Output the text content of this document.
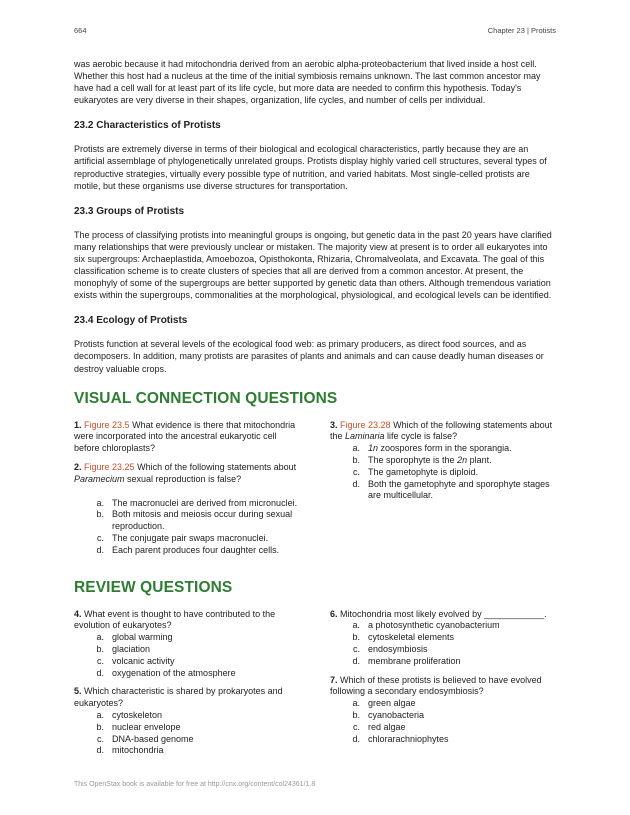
664	Chapter 23 | Protists

was aerobic because it had mitochondria derived from an aerobic alpha-proteobacterium that lived inside a host cell. Whether this host had a nucleus at the time of the initial symbiosis remains unknown. The last common ancestor may have had a cell wall for at least part of its life cycle, but more data are needed to confirm this hypothesis. Today's eukaryotes are very diverse in their shapes, organization, life cycles, and number of cells per individual.

23.2 Characteristics of Protists

Protists are extremely diverse in terms of their biological and ecological characteristics, partly because they are an artificial assemblage of phylogenetically unrelated groups. Protists display highly varied cell structures, several types of reproductive strategies, virtually every possible type of nutrition, and varied habitats. Most single-celled protists are motile, but these organisms use diverse structures for transportation.

23.3 Groups of Protists

The process of classifying protists into meaningful groups is ongoing, but genetic data in the past 20 years have clarified many relationships that were previously unclear or mistaken. The majority view at present is to order all eukaryotes into six supergroups: Archaeplastida, Amoebozoa, Opisthokonta, Rhizaria, Chromalveolata, and Excavata. The goal of this classification scheme is to create clusters of species that all are derived from a common ancestor. At present, the monophyly of some of the supergroups are better supported by genetic data than others. Although tremendous variation exists within the supergroups, commonalities at the morphological, physiological, and ecological levels can be identified.

23.4 Ecology of Protists

Protists function at several levels of the ecological food web: as primary producers, as direct food sources, and as decomposers. In addition, many protists are parasites of plants and animals and can cause deadly human diseases or destroy valuable crops.

VISUAL CONNECTION QUESTIONS
1. Figure 23.5 What evidence is there that mitochondria were incorporated into the ancestral eukaryotic cell before chloroplasts?
2. Figure 23.25 Which of the following statements about Paramecium sexual reproduction is false?
a. The macronuclei are derived from micronuclei.
b. Both mitosis and meiosis occur during sexual reproduction.
c. The conjugate pair swaps macronuclei.
d. Each parent produces four daughter cells.
3. Figure 23.28 Which of the following statements about the Laminaria life cycle is false?
a. 1n zoospores form in the sporangia.
b. The sporophyte is the 2n plant.
c. The gametophyte is diploid.
d. Both the gametophyte and sporophyte stages are multicellular.
REVIEW QUESTIONS
4. What event is thought to have contributed to the evolution of eukaryotes?
a. global warming
b. glaciation
c. volcanic activity
d. oxygenation of the atmosphere
5. Which characteristic is shared by prokaryotes and eukaryotes?
a. cytoskeleton
b. nuclear envelope
c. DNA-based genome
d. mitochondria
6. Mitochondria most likely evolved by ____________.
a. a photosynthetic cyanobacterium
b. cytoskeletal elements
c. endosymbiosis
d. membrane proliferation
7. Which of these protists is believed to have evolved following a secondary endosymbiosis?
a. green algae
b. cyanobacteria
c. red algae
d. chlorarachniophytes
This OpenStax book is available for free at http://cnx.org/content/col24361/1.8
